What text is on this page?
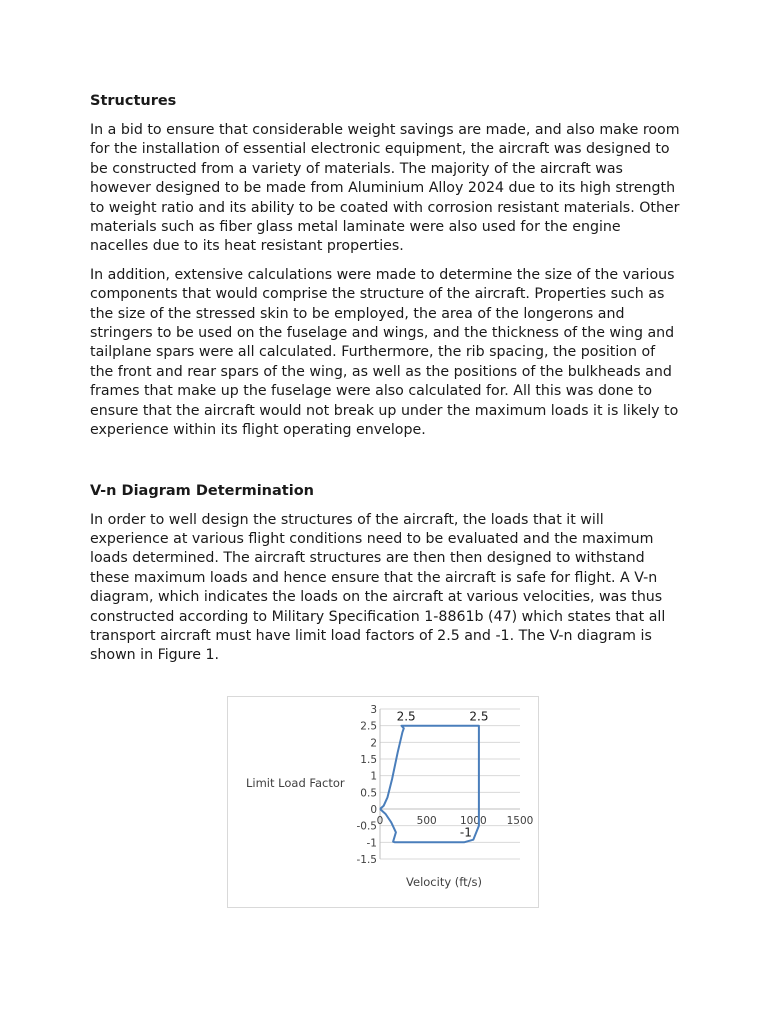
Structures

In a bid to ensure that considerable weight savings are made, and also make room for the installation of essential electronic equipment, the aircraft was designed to be constructed from a variety of materials. The majority of the aircraft was however designed to be made from Aluminium Alloy 2024 due to its high strength to weight ratio and its ability to be coated with corrosion resistant materials. Other materials such as fiber glass metal laminate were also used for the engine nacelles due to its heat resistant properties.

In addition, extensive calculations were made to determine the size of the various components that would comprise the structure of the aircraft. Properties such as the size of the stressed skin to be employed, the area of the longerons and stringers to be used on the fuselage and wings, and the thickness of the wing and tailplane spars were all calculated. Furthermore, the rib spacing, the position of the front and rear spars of the wing, as well as the positions of the bulkheads and frames that make up the fuselage were also calculated for. All this was done to ensure that the aircraft would not break up under the maximum loads it is likely to experience within its flight operating envelope.

V-n Diagram Determination

In order to well design the structures of the aircraft, the loads that it will experience at various flight conditions need to be evaluated and the maximum loads determined. The aircraft structures are then then designed to withstand these maximum loads and hence ensure that the aircraft is safe for flight. A V-n diagram, which indicates the loads on the aircraft at various velocities, was thus constructed according to Military Specification 1-8861b (47) which states that all transport aircraft must have limit load factors of 2.5 and -1. The V-n diagram is shown in Figure 1.

3
2.5
2
1.5
1
0.5
0
-0.5
-1
-1.5
0	500 1000 1500
2.5	2.5
-1
Limit Load Factor
Velocity (ft/s)
